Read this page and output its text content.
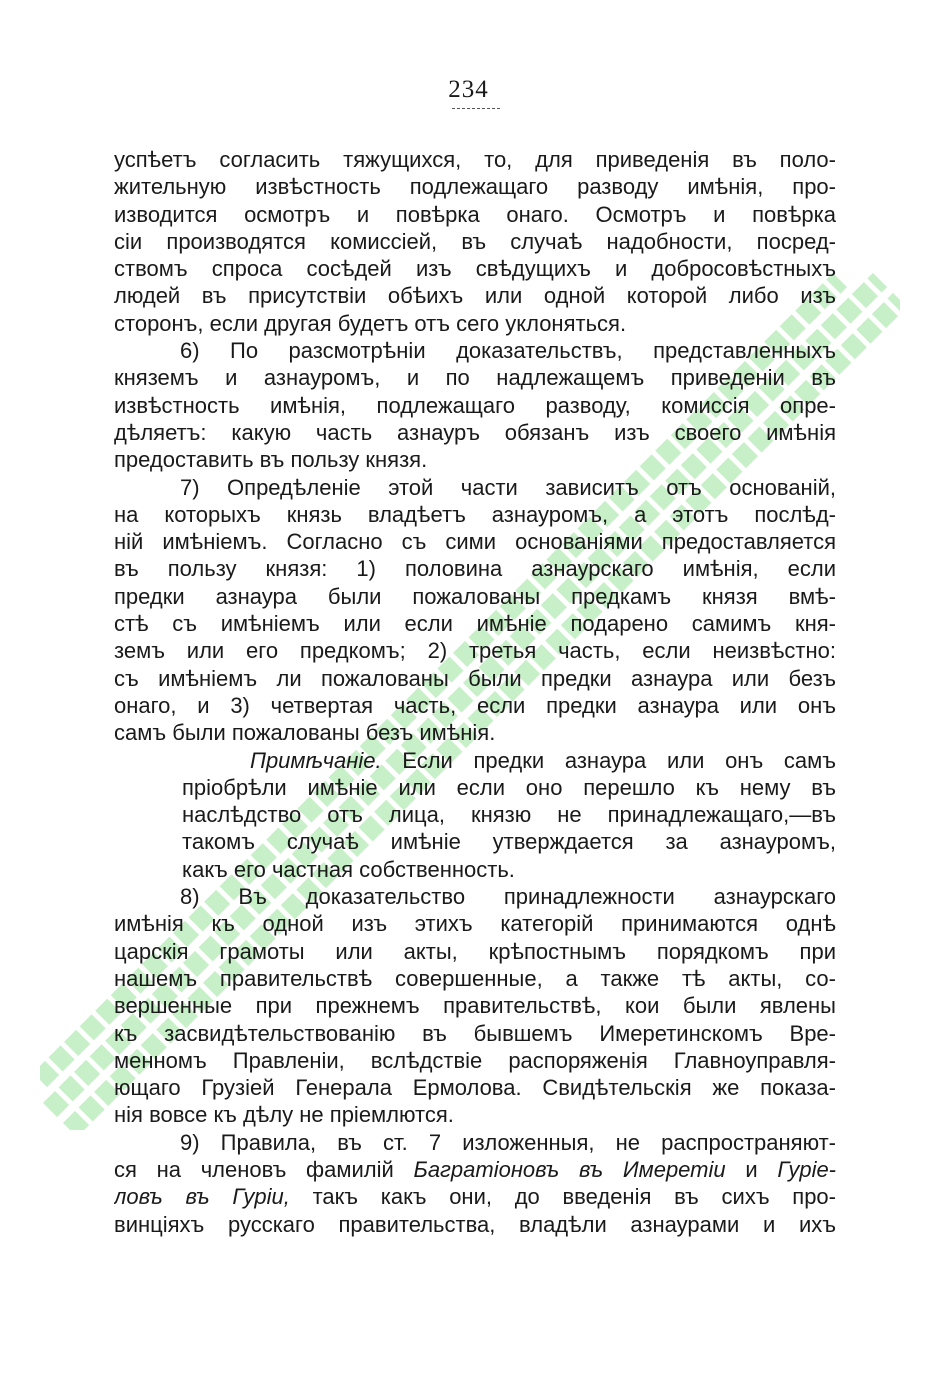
234
успѣетъ согласить тяжущихся, то, для приведенія въ поло-
жительную извѣстность подлежащаго разводу имѣнія, про-
изводится осмотръ и повѣрка онаго. Осмотръ и повѣрка
сіи производятся комиссіей, въ случаѣ надобности, посред-
ствомъ спроса сосѣдей изъ свѣдущихъ и добросовѣстныхъ
людей въ присутствіи обѣихъ или одной которой либо изъ
сторонъ, если другая будетъ отъ сего уклоняться.
6) По разсмотрѣніи доказательствъ, представленныхъ
княземъ и азнауромъ, и по надлежащемъ приведеніи въ
извѣстность имѣнія, подлежащаго разводу, комиссія опре-
дѣляетъ: какую часть азнауръ обязанъ изъ своего имѣнія
предоставить въ пользу князя.
7) Опредѣленіе этой части зависитъ отъ основаній,
на которыхъ князь владѣетъ азнауромъ, а этотъ послѣд-
ній имѣніемъ. Согласно съ сими основаніями предоставляется
въ пользу князя: 1) половина азнаурскаго имѣнія, если
предки азнаура были пожалованы предкамъ князя вмѣ-
стѣ съ имѣніемъ или если имѣніе подарено самимъ кня-
земъ или его предкомъ; 2) третья часть, если неизвѣстно:
съ имѣніемъ ли пожалованы были предки азнаура или безъ
онаго, и 3) четвертая часть, если предки азнаура или онъ
самъ были пожалованы безъ имѣнія.
Примѣчаніе. Если предки азнаура или онъ самъ
пріобрѣли имѣніе или если оно перешло къ нему въ
наслѣдство отъ лица, князю не принадлежащаго,—въ
такомъ случаѣ имѣніе утверждается за азнауромъ,
какъ его частная собственность.
8) Въ доказательство принадлежности азнаурскаго
имѣнія къ одной изъ этихъ категорій принимаются однѣ
царскія грамоты или акты, крѣпостнымъ порядкомъ при
нашемъ правительствѣ совершенные, а также тѣ акты, со-
вершенные при прежнемъ правительствѣ, кои были явлены
къ засвидѣтельствованію въ бывшемъ Имеретинскомъ Вре-
менномъ Правленіи, вслѣдствіе распоряженія Главноуправля-
ющаго Грузіей Генерала Ермолова. Свидѣтельскія же показа-
нія вовсе къ дѣлу не пріемлются.
9) Правила, въ ст. 7 изложенныя, не распространяют-
ся на членовъ фамилій Багратіоновъ въ Имеретіи и Гуріе-
ловъ въ Гуріи, такъ какъ они, до введенія въ сихъ про-
винціяхъ русскаго правительства, владѣли азнаурами и ихъ
